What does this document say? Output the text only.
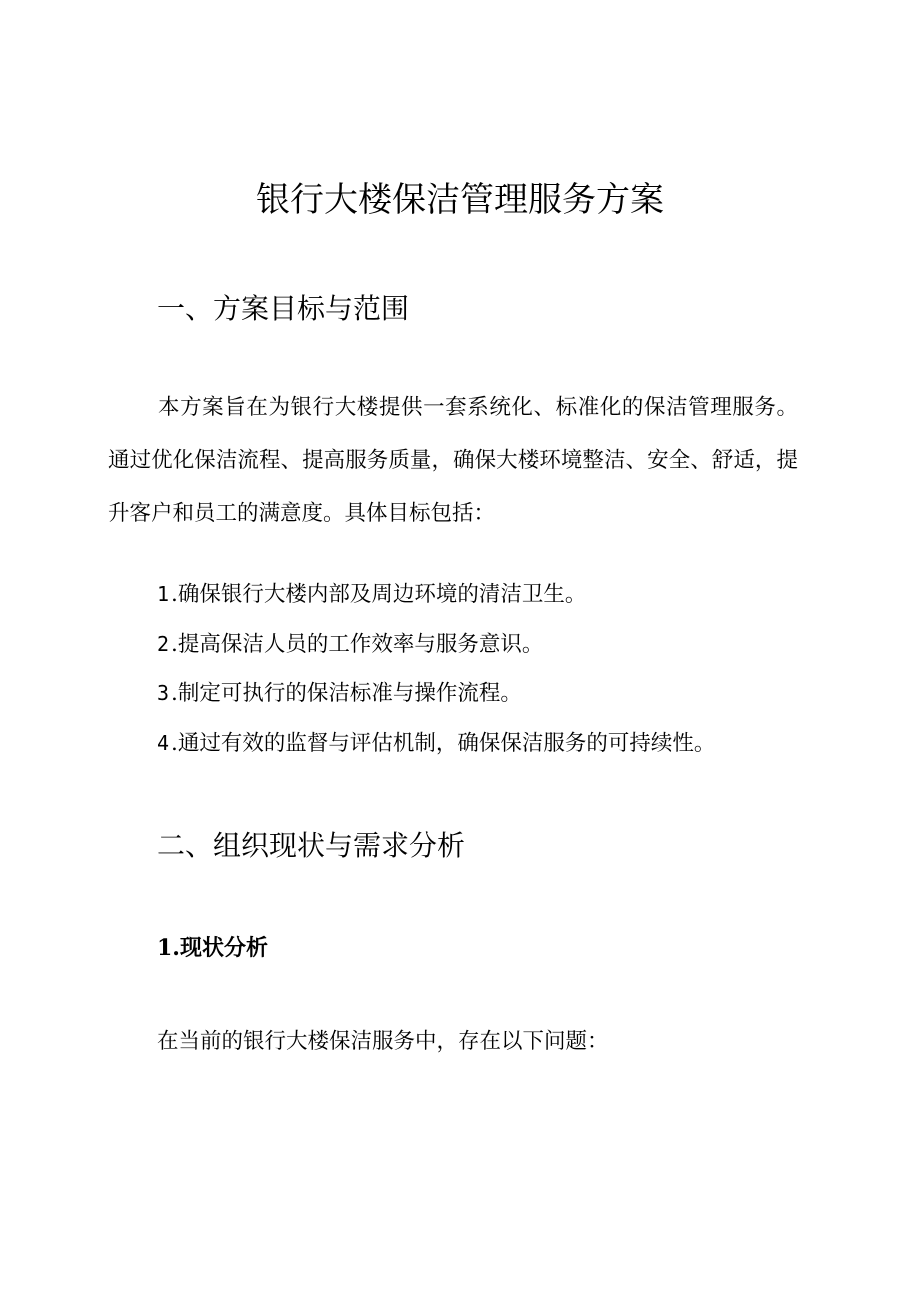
银行大楼保洁管理服务方案
一、方案目标与范围

本方案旨在为银行大楼提供一套系统化、标准化的保洁管理服务。通过优化保洁流程、提高服务质量，确保大楼环境整洁、安全、舒适，提升客户和员工的满意度。具体目标包括：

1.确保银行大楼内部及周边环境的清洁卫生。
2.提高保洁人员的工作效率与服务意识。
3.制定可执行的保洁标准与操作流程。
4.通过有效的监督与评估机制，确保保洁服务的可持续性。
二、组织现状与需求分析
1.现状分析

在当前的银行大楼保洁服务中，存在以下问题：
